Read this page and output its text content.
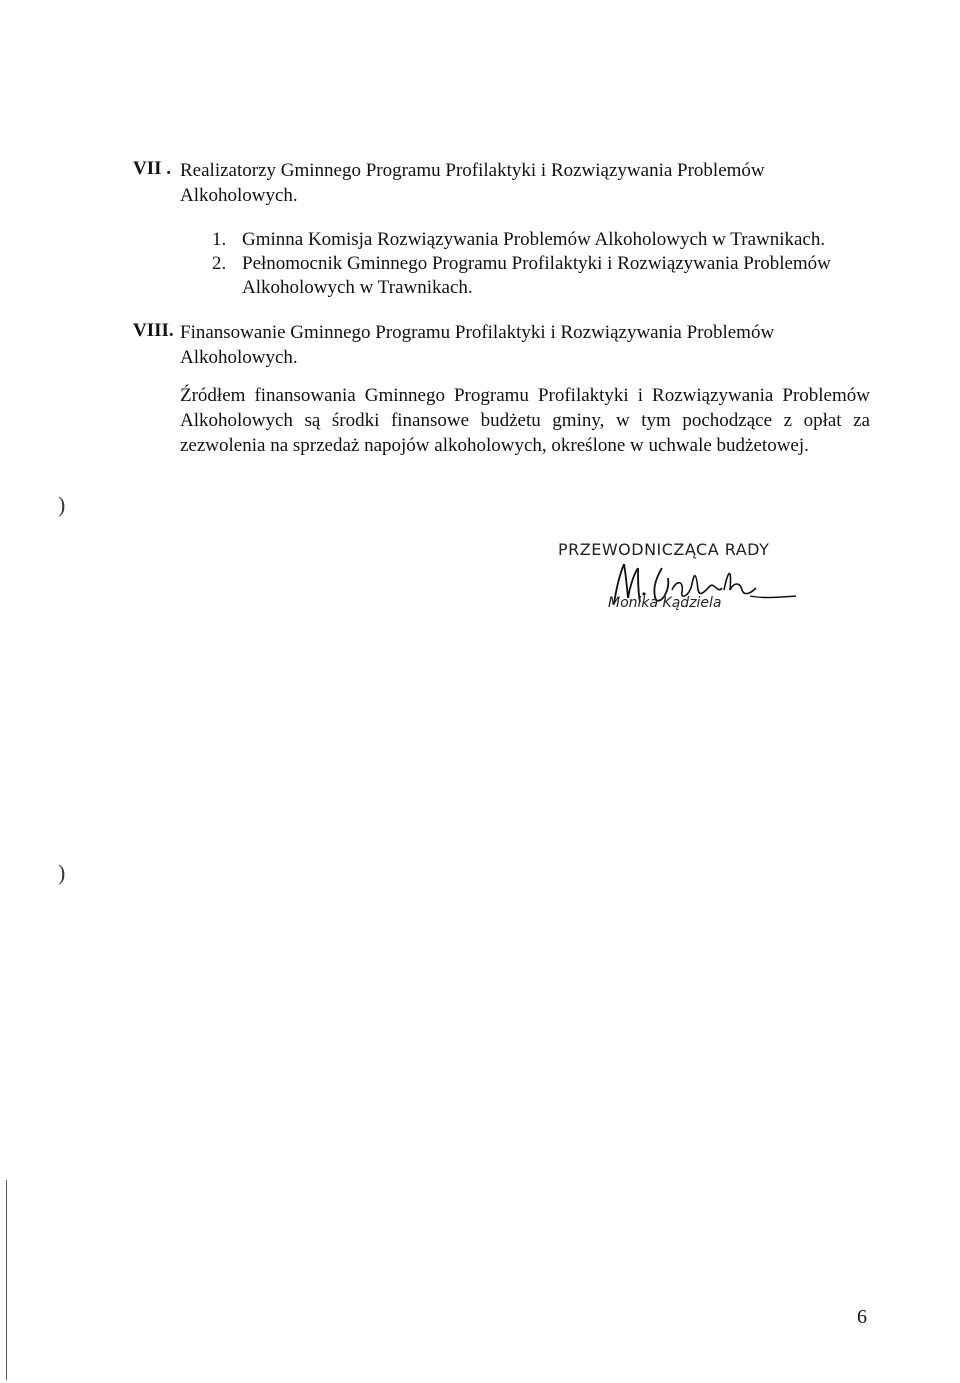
VII . Realizatorzy Gminnego Programu Profilaktyki i Rozwiązywania Problemów
Alkoholowych.
1. Gminna Komisja Rozwiązywania Problemów Alkoholowych w Trawnikach.
2. Pełnomocnik Gminnego Programu Profilaktyki i Rozwiązywania Problemów Alkoholowych w Trawnikach.
VIII. Finansowanie Gminnego Programu Profilaktyki i Rozwiązywania Problemów
Alkoholowych.
Źródłem finansowania Gminnego Programu Profilaktyki i Rozwiązywania Problemów Alkoholowych są środki finansowe budżetu gminy, w tym pochodzące z opłat za zezwolenia na sprzedaż napojów alkoholowych, określone w uchwale budżetowej.
PRZEWODNICZĄCA RADY
Monika Kądziela
)
)
6
